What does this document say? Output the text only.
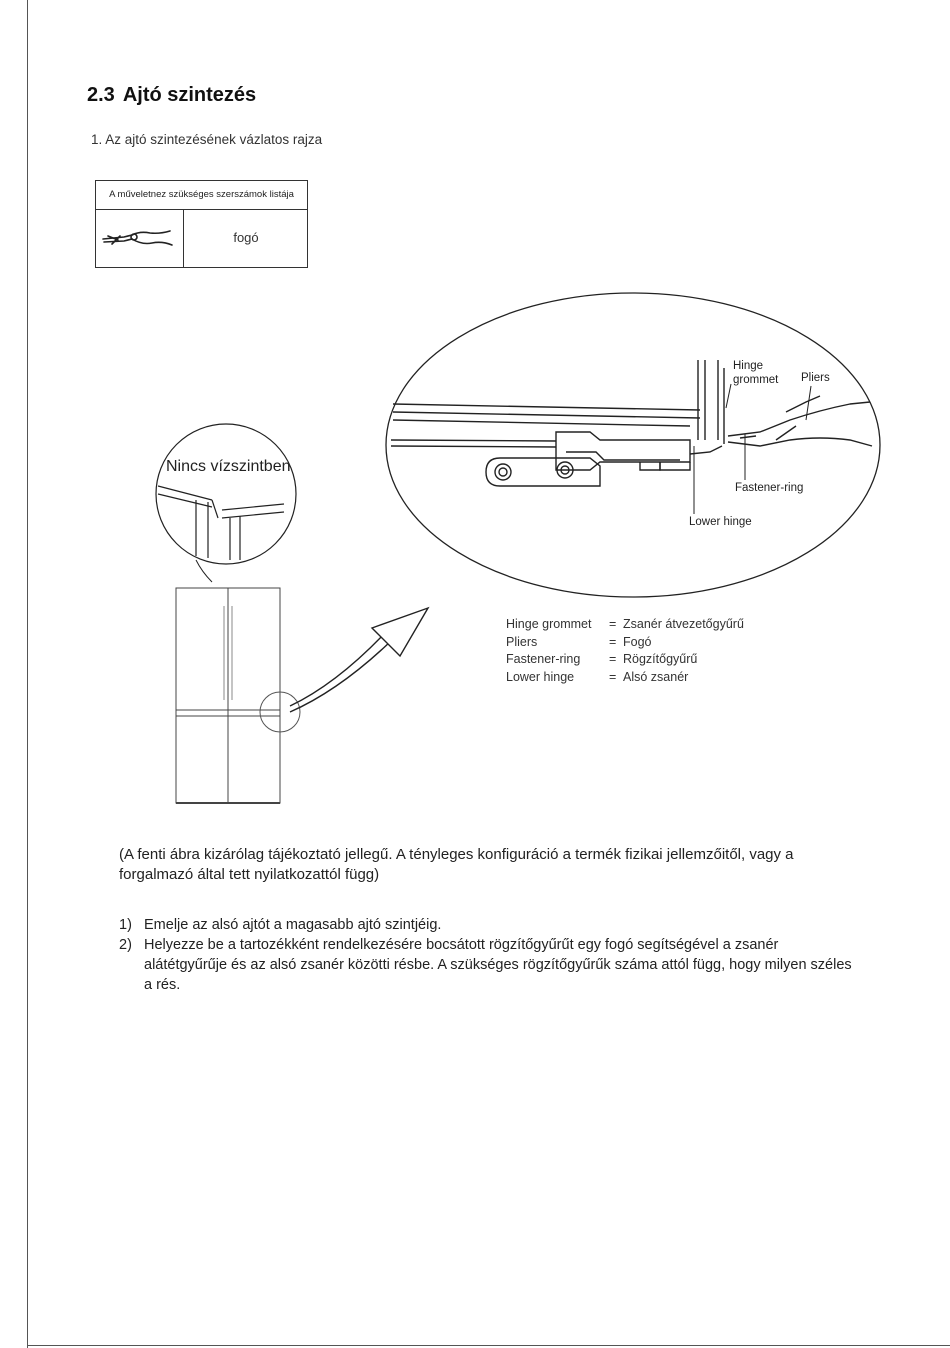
2.3 Ajtó szintezés
1. Az ajtó szintezésének vázlatos rajza
A műveletnez szükséges szerszámok listája
fogó
Hinge
grommet Pliers
Fastener-ring
Lower hinge
Nincs vízszintben
Hinge grommet	= Zsanér átvezetőgyűrű
Pliers	= Fogó
Fastener-ring	= Rögzítőgyűrű
Lower hinge	= Alsó zsanér
(A fenti ábra kizárólag tájékoztató jellegű. A tényleges konfiguráció a termék fizikai jellemzőitől, vagy a forgalmazó által tett nyilatkozattól függ)
1) Emelje az alsó ajtót a magasabb ajtó szintjéig.
2) Helyezze be a tartozékként rendelkezésére bocsátott rögzítőgyűrűt egy fogó segítségével a zsanér alátétgyűrűje és az alsó zsanér közötti résbe. A szükséges rögzítőgyűrűk száma attól függ, hogy milyen széles a rés.
